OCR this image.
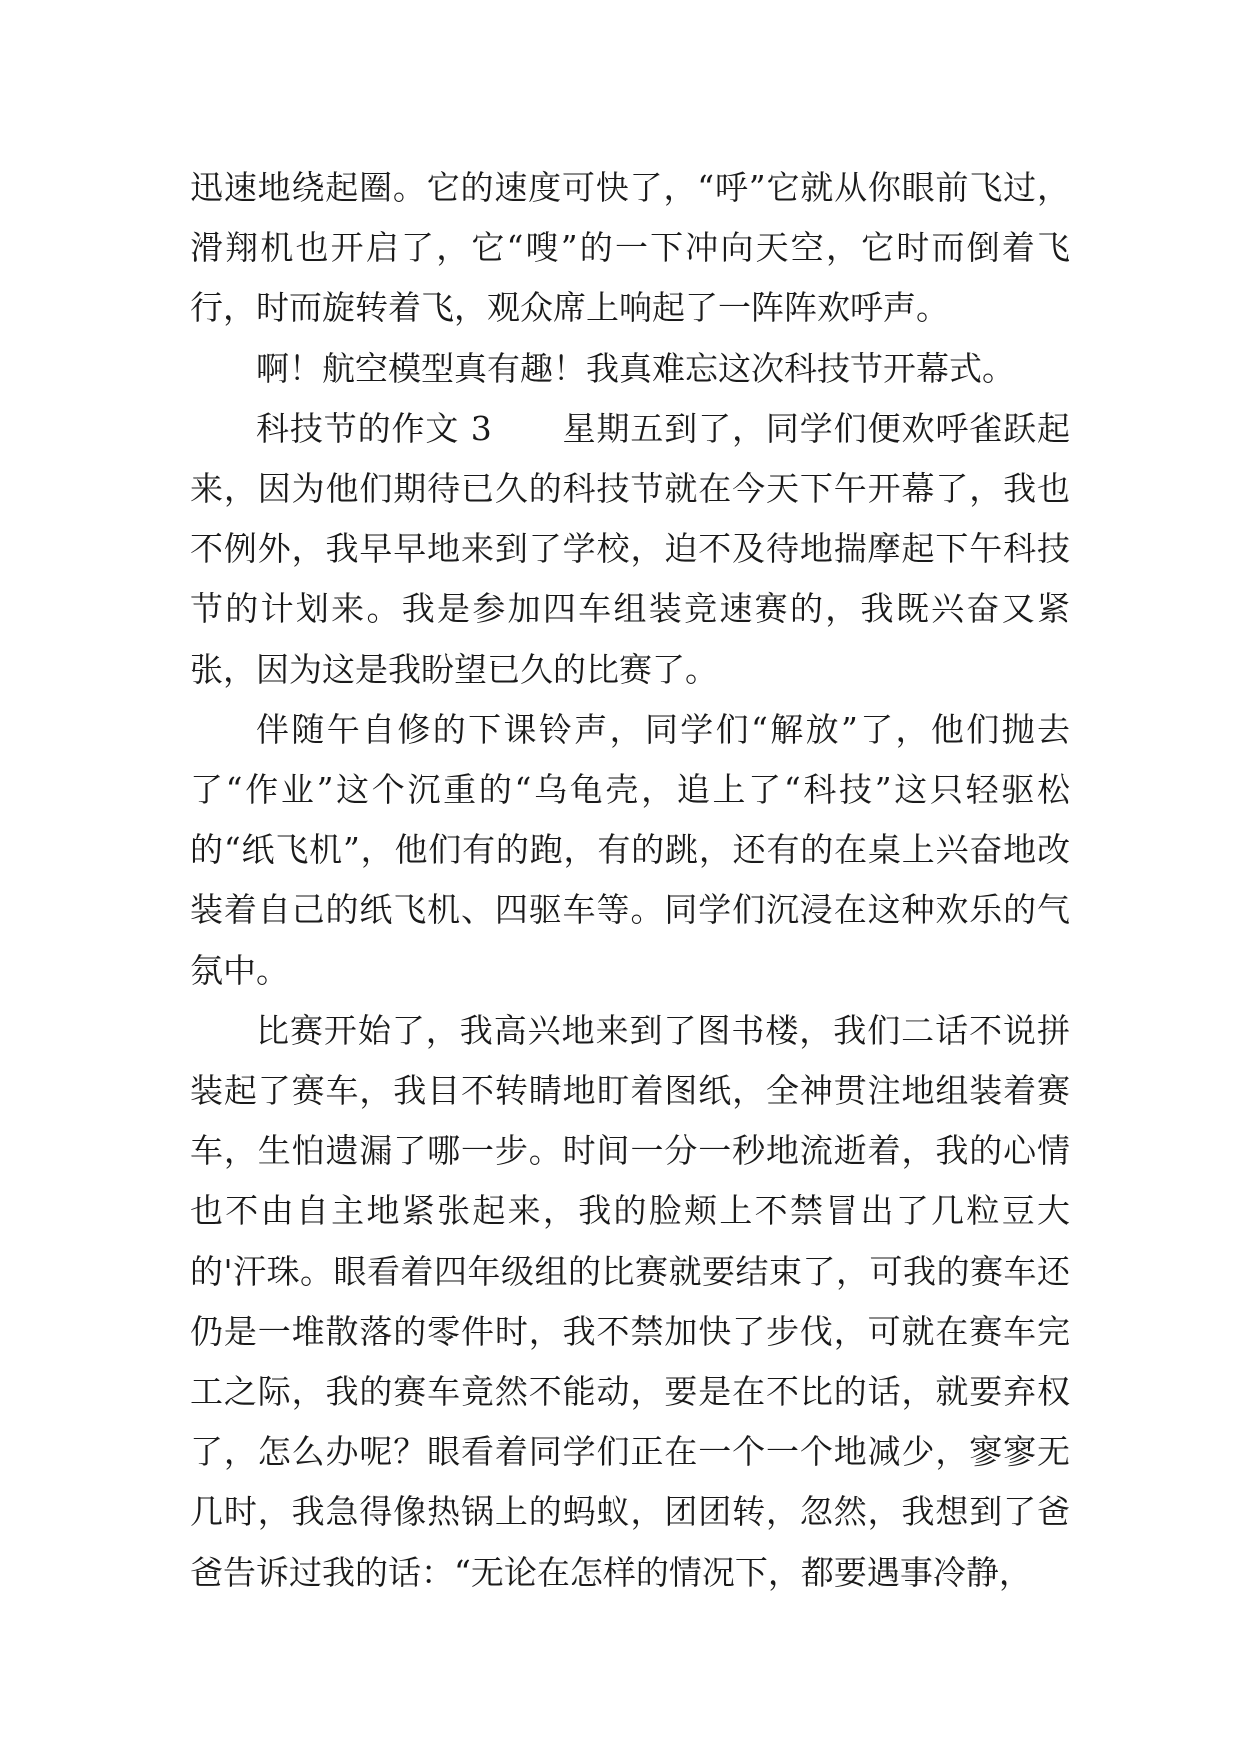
迅速地绕起圈。它的速度可快了，“呼”它就从你眼前飞过，滑翔机也开启了，它“嗖”的一下冲向天空，它时而倒着飞行，时而旋转着飞，观众席上响起了一阵阵欢呼声。

啊！航空模型真有趣！我真难忘这次科技节开幕式。

科技节的作文 3 星期五到了，同学们便欢呼雀跃起来，因为他们期待已久的科技节就在今天下午开幕了，我也不例外，我早早地来到了学校，迫不及待地揣摩起下午科技节的计划来。我是参加四车组装竞速赛的，我既兴奋又紧张，因为这是我盼望已久的比赛了。

伴随午自修的下课铃声，同学们“解放”了，他们抛去了“作业”这个沉重的“乌龟壳，追上了“科技”这只轻驱松的“纸飞机”，他们有的跑，有的跳，还有的在桌上兴奋地改装着自己的纸飞机、四驱车等。同学们沉浸在这种欢乐的气氛中。

比赛开始了，我高兴地来到了图书楼，我们二话不说拼装起了赛车，我目不转睛地盯着图纸，全神贯注地组装着赛车，生怕遗漏了哪一步。时间一分一秒地流逝着，我的心情也不由自主地紧张起来，我的脸颊上不禁冒出了几粒豆大的'汗珠。眼看着四年级组的比赛就要结束了，可我的赛车还仍是一堆散落的零件时，我不禁加快了步伐，可就在赛车完工之际，我的赛车竟然不能动，要是在不比的话，就要弃权了，怎么办呢？眼看着同学们正在一个一个地减少，寥寥无几时，我急得像热锅上的蚂蚁，团团转，忽然，我想到了爸爸告诉过我的话：“无论在怎样的情况下，都要遇事冷静，
